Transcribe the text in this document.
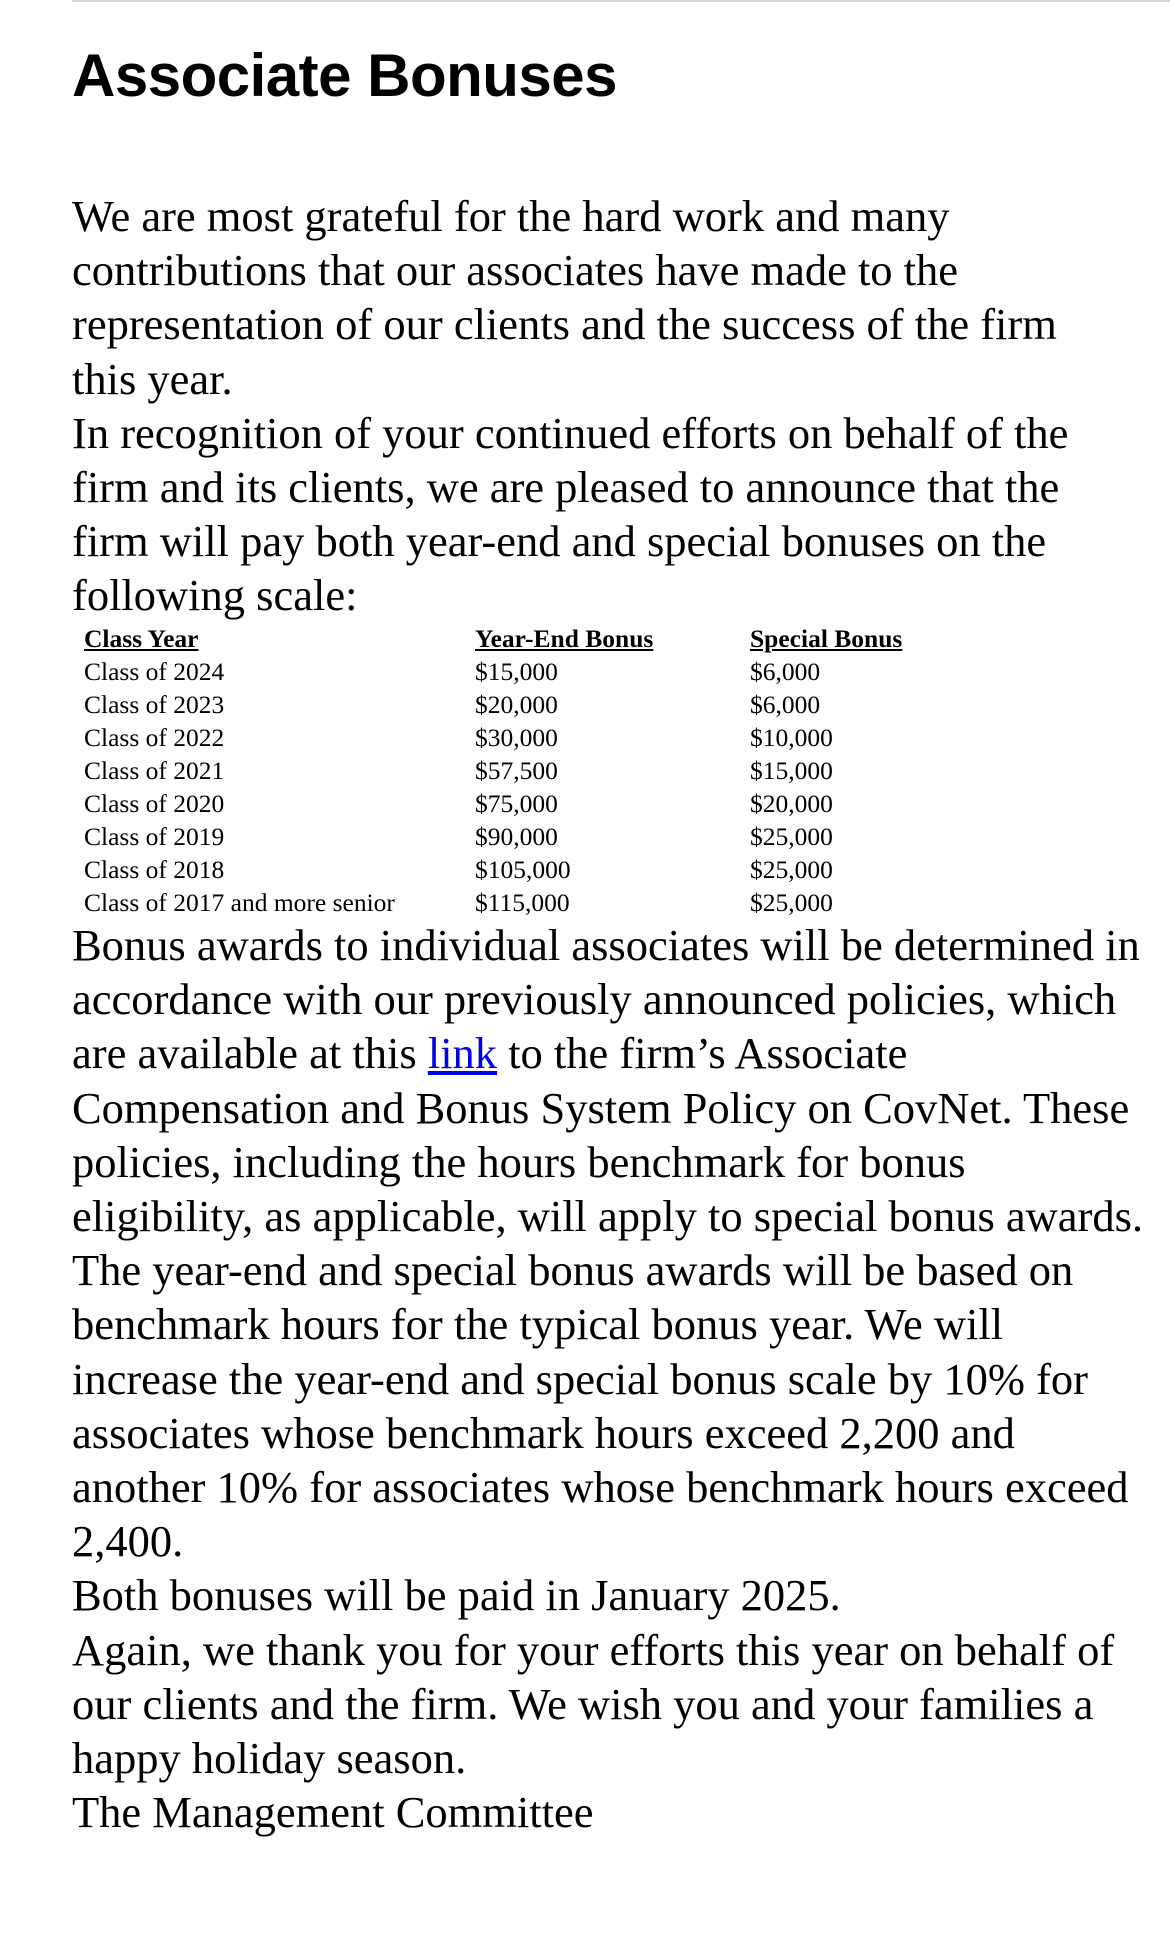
Associate Bonuses

We are most grateful for the hard work and many contributions that our associates have made to the representation of our clients and the success of the firm this year.

In recognition of your continued efforts on behalf of the firm and its clients, we are pleased to announce that the firm will pay both year-end and special bonuses on the following scale:

Class Year	Year-End Bonus	Special Bonus
Class of 2024	$15,000	$6,000
Class of 2023	$20,000	$6,000
Class of 2022	$30,000	$10,000
Class of 2021	$57,500	$15,000
Class of 2020	$75,000	$20,000
Class of 2019	$90,000	$25,000
Class of 2018	$105,000	$25,000
Class of 2017 and more senior	$115,000	$25,000

Bonus awards to individual associates will be determined in accordance with our previously announced policies, which are available at this link to the firm’s Associate Compensation and Bonus System Policy on CovNet. These policies, including the hours benchmark for bonus eligibility, as applicable, will apply to special bonus awards. The year-end and special bonus awards will be based on benchmark hours for the typical bonus year. We will increase the year-end and special bonus scale by 10% for associates whose benchmark hours exceed 2,200 and another 10% for associates whose benchmark hours exceed 2,400.

Both bonuses will be paid in January 2025.

Again, we thank you for your efforts this year on behalf of our clients and the firm. We wish you and your families a happy holiday season.

The Management Committee
